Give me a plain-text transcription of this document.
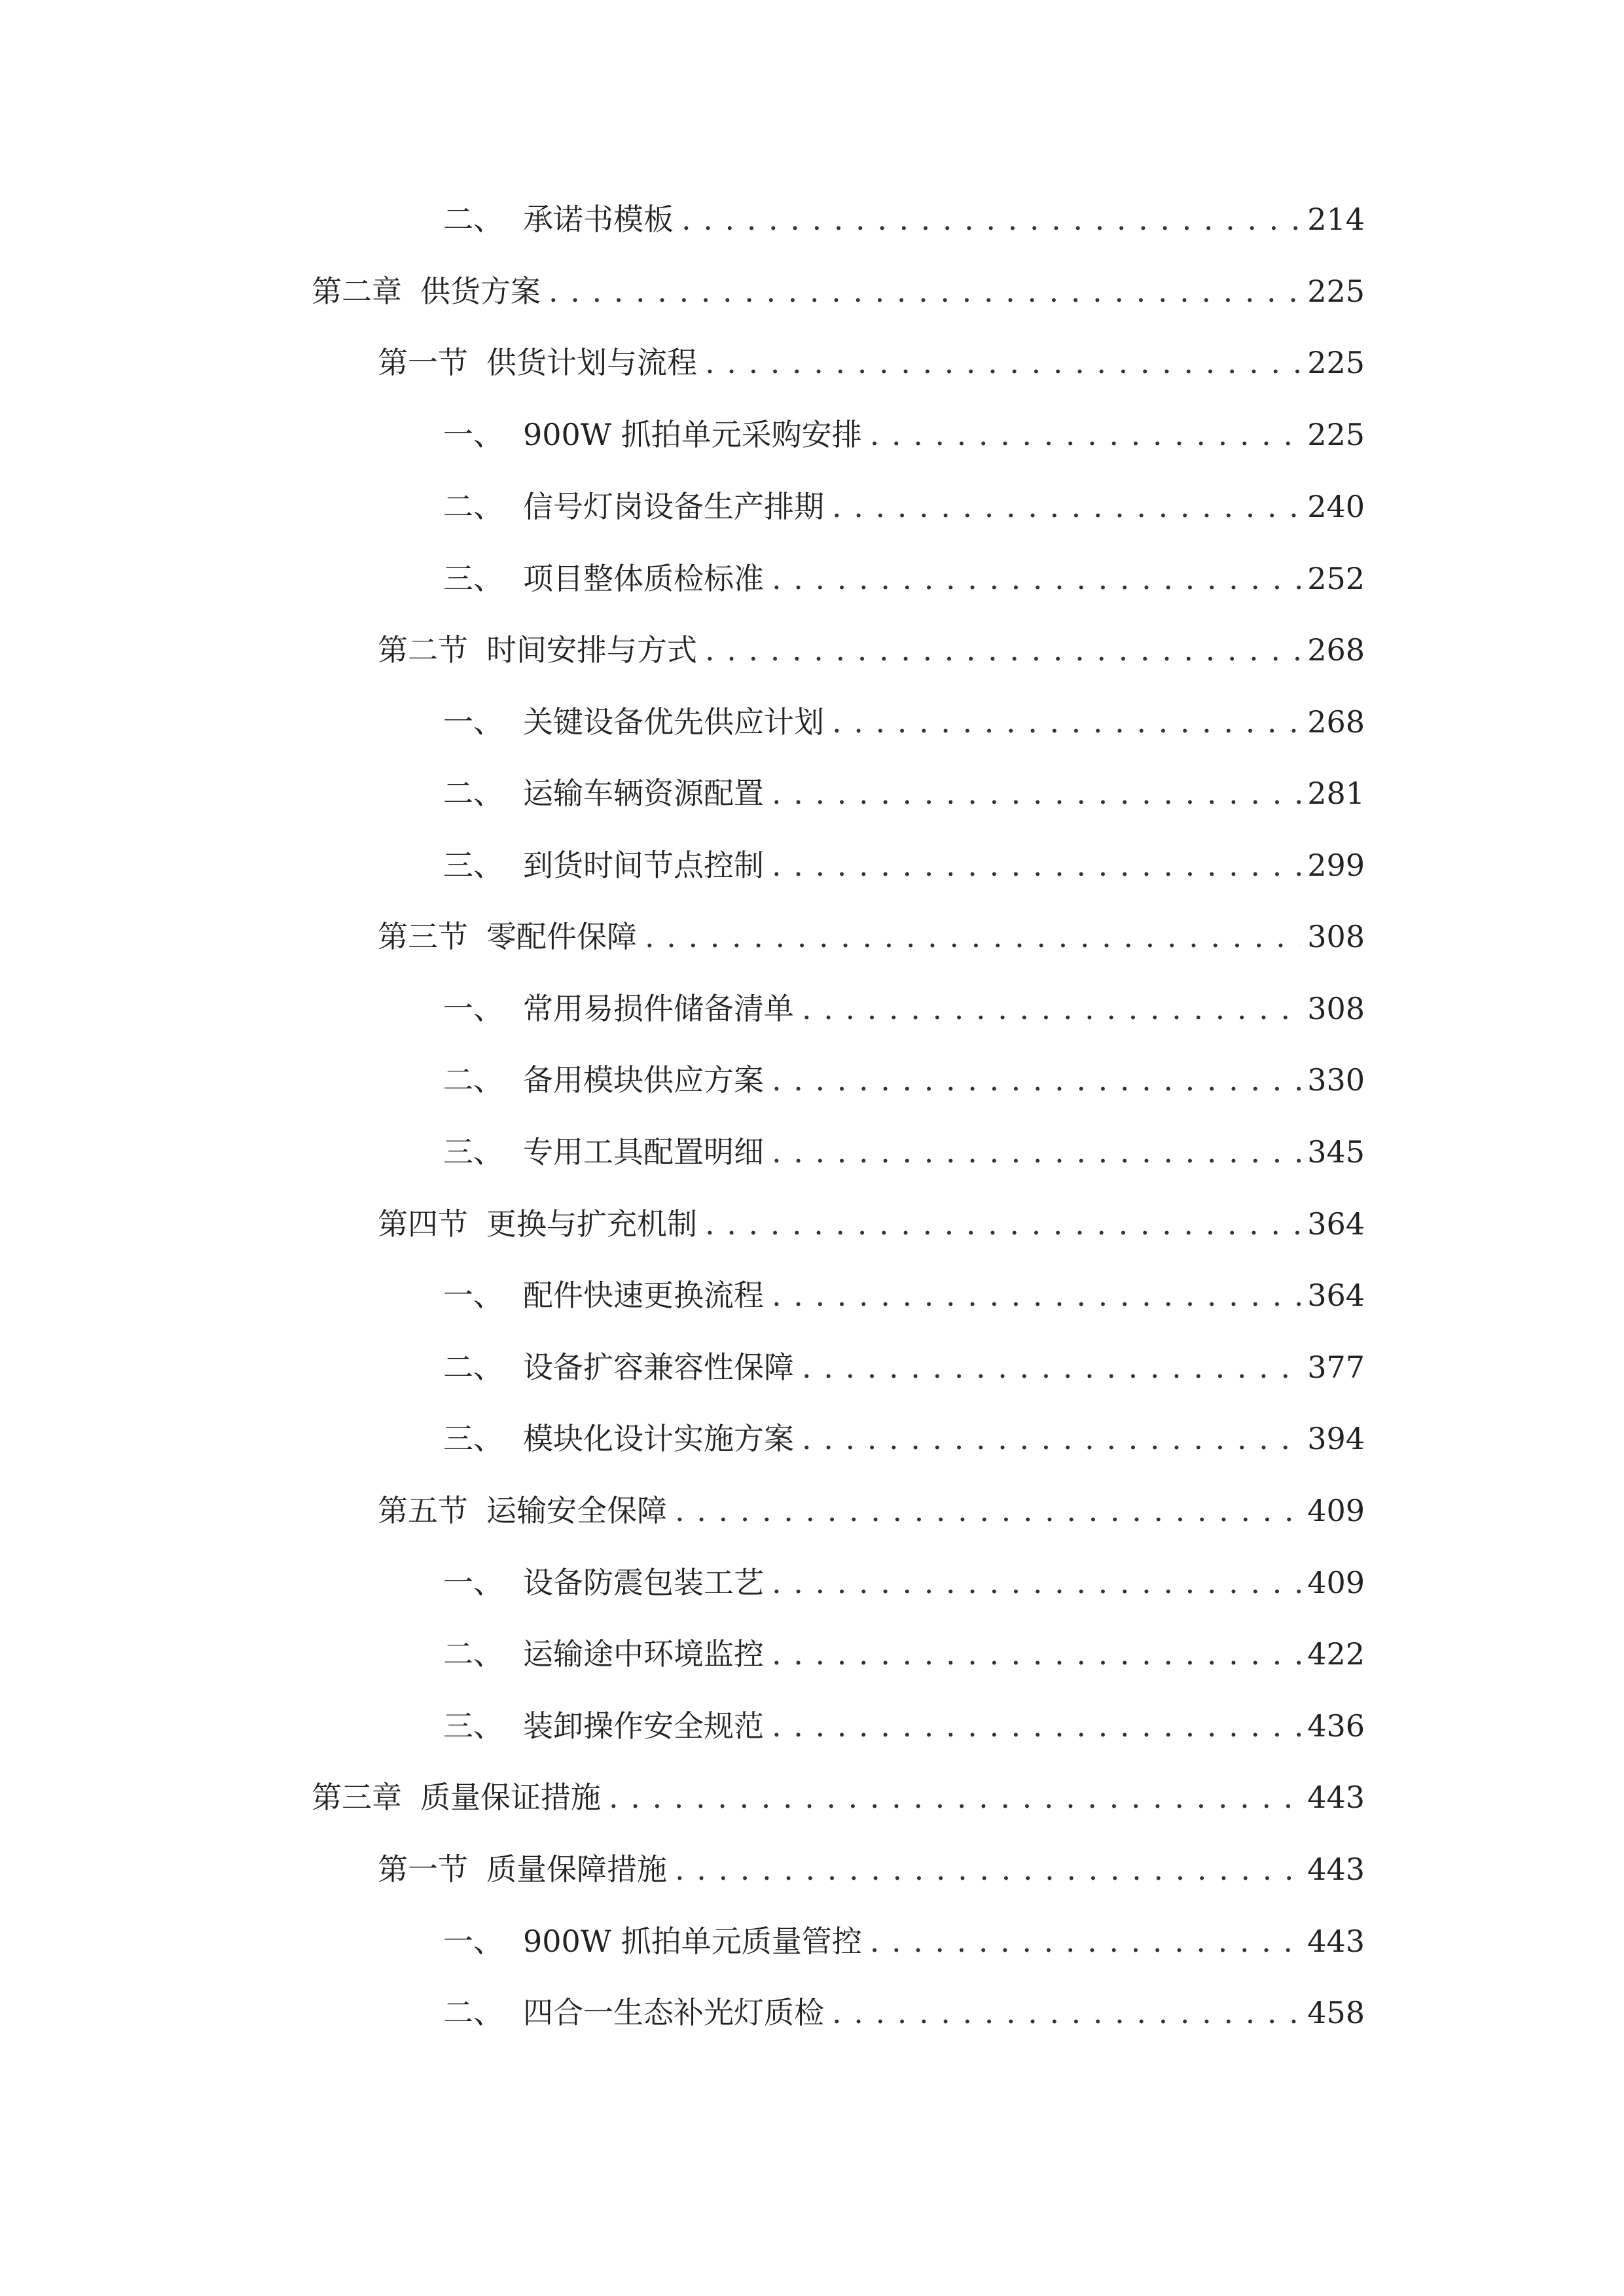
二、 承诺书模板 . . .	214
第二章 供货方案 . . .	225
第一节 供货计划与流程 . . .	225
一、 900W 抓拍单元采购安排 . . .	225
二、 信号灯岗设备生产排期 . . .	240
三、 项目整体质检标准 . . .	252
第二节 时间安排与方式 . . .	268
一、 关键设备优先供应计划 . . .	268
二、 运输车辆资源配置 . . .	281
三、 到货时间节点控制 . . .	299
第三节 零配件保障 . . .	308
一、 常用易损件储备清单 . . .	308
二、 备用模块供应方案 . . .	330
三、 专用工具配置明细 . . .	345
第四节 更换与扩充机制 . . .	364
一、 配件快速更换流程 . . .	364
二、 设备扩容兼容性保障 . . .	377
三、 模块化设计实施方案 . . .	394
第五节 运输安全保障 . . .	409
一、 设备防震包装工艺 . . .	409
二、 运输途中环境监控 . . .	422
三、 装卸操作安全规范 . . .	436
第三章 质量保证措施 . . .	443
第一节 质量保障措施 . . .	443
一、 900W 抓拍单元质量管控 . . .	443
二、 四合一生态补光灯质检 . . .	458
